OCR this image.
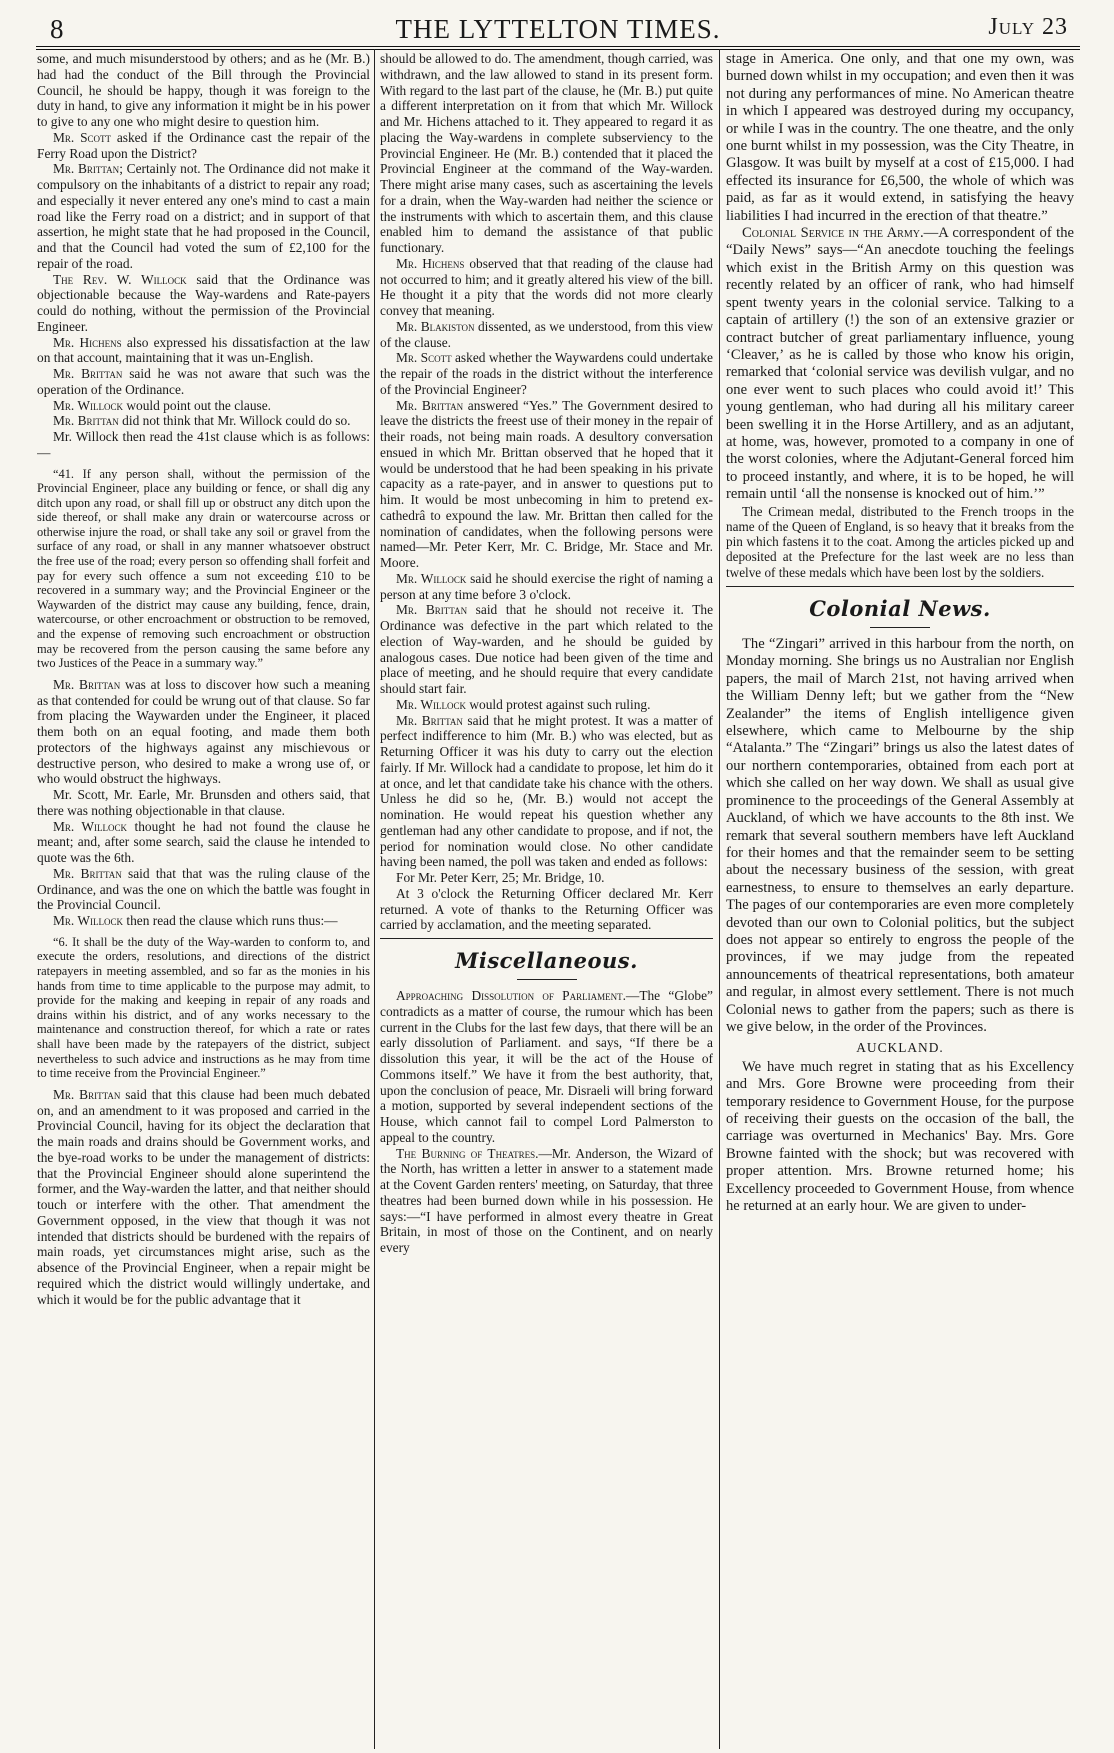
8	THE LYTTELTON TIMES.	July 23

some, and much misunderstood by others; and as he (Mr. B.) had had the conduct of the Bill through the Provincial Council, he should be happy, though it was foreign to the duty in hand, to give any information it might be in his power to give to any one who might desire to question him.

Mr. Scott asked if the Ordinance cast the repair of the Ferry Road upon the District?

Mr. Brittan; Certainly not. The Ordinance did not make it compulsory on the inhabitants of a district to repair any road; and especially it never entered any one's mind to cast a main road like the Ferry road on a district; and in support of that assertion, he might state that he had proposed in the Council, and that the Council had voted the sum of £2,100 for the repair of the road.

The Rev. W. Willock said that the Ordinance was objectionable because the Way-wardens and Rate-payers could do nothing, without the permission of the Provincial Engineer.

Mr. Hichens also expressed his dissatisfaction at the law on that account, maintaining that it was un-English.

Mr. Brittan said he was not aware that such was the operation of the Ordinance.

Mr. Willock would point out the clause.

Mr. Brittan did not think that Mr. Willock could do so.

Mr. Willock then read the 41st clause which is as follows:—

“41. If any person shall, without the permission of the Provincial Engineer, place any building or fence, or shall dig any ditch upon any road, or shall fill up or obstruct any ditch upon the side thereof, or shall make any drain or watercourse across or otherwise injure the road, or shall take any soil or gravel from the surface of any road, or shall in any manner whatsoever obstruct the free use of the road; every person so offending shall forfeit and pay for every such offence a sum not exceeding £10 to be recovered in a summary way; and the Provincial Engineer or the Waywarden of the district may cause any building, fence, drain, watercourse, or other encroachment or obstruction to be removed, and the expense of removing such encroachment or obstruction may be recovered from the person causing the same before any two Justices of the Peace in a summary way.”

Mr. Brittan was at loss to discover how such a meaning as that contended for could be wrung out of that clause. So far from placing the Waywarden under the Engineer, it placed them both on an equal footing, and made them both protectors of the highways against any mischievous or destructive person, who desired to make a wrong use of, or who would obstruct the highways.

Mr. Scott, Mr. Earle, Mr. Brunsden and others said, that there was nothing objectionable in that clause.

Mr. Willock thought he had not found the clause he meant; and, after some search, said the clause he intended to quote was the 6th.

Mr. Brittan said that that was the ruling clause of the Ordinance, and was the one on which the battle was fought in the Provincial Council.

Mr. Willock then read the clause which runs thus:—

“6. It shall be the duty of the Way-warden to conform to, and execute the orders, resolutions, and directions of the district ratepayers in meeting assembled, and so far as the monies in his hands from time to time applicable to the purpose may admit, to provide for the making and keeping in repair of any roads and drains within his district, and of any works necessary to the maintenance and construction thereof, for which a rate or rates shall have been made by the ratepayers of the district, subject nevertheless to such advice and instructions as he may from time to time receive from the Provincial Engineer.”

Mr. Brittan said that this clause had been much debated on, and an amendment to it was proposed and carried in the Provincial Council, having for its object the declaration that the main roads and drains should be Government works, and the bye-road works to be under the management of districts: that the Provincial Engineer should alone superintend the former, and the Way-warden the latter, and that neither should touch or interfere with the other. That amendment the Government opposed, in the view that though it was not intended that districts should be burdened with the repairs of main roads, yet circumstances might arise, such as the absence of the Provincial Engineer, when a repair might be required which the district would willingly undertake, and which it would be for the public advantage that it

should be allowed to do. The amendment, though carried, was withdrawn, and the law allowed to stand in its present form. With regard to the last part of the clause, he (Mr. B.) put quite a different interpretation on it from that which Mr. Willock and Mr. Hichens attached to it. They appeared to regard it as placing the Way-wardens in complete subserviency to the Provincial Engineer. He (Mr. B.) contended that it placed the Provincial Engineer at the command of the Way-warden. There might arise many cases, such as ascertaining the levels for a drain, when the Way-warden had neither the science or the instruments with which to ascertain them, and this clause enabled him to demand the assistance of that public functionary.

Mr. Hichens observed that that reading of the clause had not occurred to him; and it greatly altered his view of the bill. He thought it a pity that the words did not more clearly convey that meaning.

Mr. Blakiston dissented, as we understood, from this view of the clause.

Mr. Scott asked whether the Waywardens could undertake the repair of the roads in the district without the interference of the Provincial Engineer?

Mr. Brittan answered “Yes.” The Government desired to leave the districts the freest use of their money in the repair of their roads, not being main roads. A desultory conversation ensued in which Mr. Brittan observed that he hoped that it would be understood that he had been speaking in his private capacity as a rate-payer, and in answer to questions put to him. It would be most unbecoming in him to pretend ex-cathedrâ to expound the law. Mr. Brittan then called for the nomination of candidates, when the following persons were named—Mr. Peter Kerr, Mr. C. Bridge, Mr. Stace and Mr. Moore.

Mr. Willock said he should exercise the right of naming a person at any time before 3 o'clock.

Mr. Brittan said that he should not receive it. The Ordinance was defective in the part which related to the election of Way-warden, and he should be guided by analogous cases. Due notice had been given of the time and place of meeting, and he should require that every candidate should start fair.

Mr. Willock would protest against such ruling.

Mr. Brittan said that he might protest. It was a matter of perfect indifference to him (Mr. B.) who was elected, but as Returning Officer it was his duty to carry out the election fairly. If Mr. Willock had a candidate to propose, let him do it at once, and let that candidate take his chance with the others. Unless he did so he, (Mr. B.) would not accept the nomination. He would repeat his question whether any gentleman had any other candidate to propose, and if not, the period for nomination would close. No other candidate having been named, the poll was taken and ended as follows:

For Mr. Peter Kerr, 25; Mr. Bridge, 10.

At 3 o'clock the Returning Officer declared Mr. Kerr returned. A vote of thanks to the Returning Officer was carried by acclamation, and the meeting separated.

Miscellaneous.

Approaching Dissolution of Parliament.—The “Globe” contradicts as a matter of course, the rumour which has been current in the Clubs for the last few days, that there will be an early dissolution of Parliament. and says, “If there be a dissolution this year, it will be the act of the House of Commons itself.” We have it from the best authority, that, upon the conclusion of peace, Mr. Disraeli will bring forward a motion, supported by several independent sections of the House, which cannot fail to compel Lord Palmerston to appeal to the country.

The Burning of Theatres.—Mr. Anderson, the Wizard of the North, has written a letter in answer to a statement made at the Covent Garden renters' meeting, on Saturday, that three theatres had been burned down while in his possession. He says:—“I have performed in almost every theatre in Great Britain, in most of those on the Continent, and on nearly every

stage in America. One only, and that one my own, was burned down whilst in my occupation; and even then it was not during any performances of mine. No American theatre in which I appeared was destroyed during my occupancy, or while I was in the country. The one theatre, and the only one burnt whilst in my possession, was the City Theatre, in Glasgow. It was built by myself at a cost of £15,000. I had effected its insurance for £6,500, the whole of which was paid, as far as it would extend, in satisfying the heavy liabilities I had incurred in the erection of that theatre.”

Colonial Service in the Army.—A correspondent of the “Daily News” says—“An anecdote touching the feelings which exist in the British Army on this question was recently related by an officer of rank, who had himself spent twenty years in the colonial service. Talking to a captain of artillery (!) the son of an extensive grazier or contract butcher of great parliamentary influence, young ‘Cleaver,’ as he is called by those who know his origin, remarked that ‘colonial service was devilish vulgar, and no one ever went to such places who could avoid it!’ This young gentleman, who had during all his military career been swelling it in the Horse Artillery, and as an adjutant, at home, was, however, promoted to a company in one of the worst colonies, where the Adjutant-General forced him to proceed instantly, and where, it is to be hoped, he will remain until ‘all the nonsense is knocked out of him.’”

The Crimean medal, distributed to the French troops in the name of the Queen of England, is so heavy that it breaks from the pin which fastens it to the coat. Among the articles picked up and deposited at the Prefecture for the last week are no less than twelve of these medals which have been lost by the soldiers.

Colonial News.

The “Zingari” arrived in this harbour from the north, on Monday morning. She brings us no Australian nor English papers, the mail of March 21st, not having arrived when the William Denny left; but we gather from the “New Zealander” the items of English intelligence given elsewhere, which came to Melbourne by the ship “Atalanta.” The “Zingari” brings us also the latest dates of our northern contemporaries, obtained from each port at which she called on her way down. We shall as usual give prominence to the proceedings of the General Assembly at Auckland, of which we have accounts to the 8th inst. We remark that several southern members have left Auckland for their homes and that the remainder seem to be setting about the necessary business of the session, with great earnestness, to ensure to themselves an early departure. The pages of our contemporaries are even more completely devoted than our own to Colonial politics, but the subject does not appear so entirely to engross the people of the provinces, if we may judge from the repeated announcements of theatrical representations, both amateur and regular, in almost every settlement. There is not much Colonial news to gather from the papers; such as there is we give below, in the order of the Provinces.

AUCKLAND.

We have much regret in stating that as his Excellency and Mrs. Gore Browne were proceeding from their temporary residence to Government House, for the purpose of receiving their guests on the occasion of the ball, the carriage was overturned in Mechanics' Bay. Mrs. Gore Browne fainted with the shock; but was recovered with proper attention. Mrs. Browne returned home; his Excellency proceeded to Government House, from whence he returned at an early hour. We are given to under-
